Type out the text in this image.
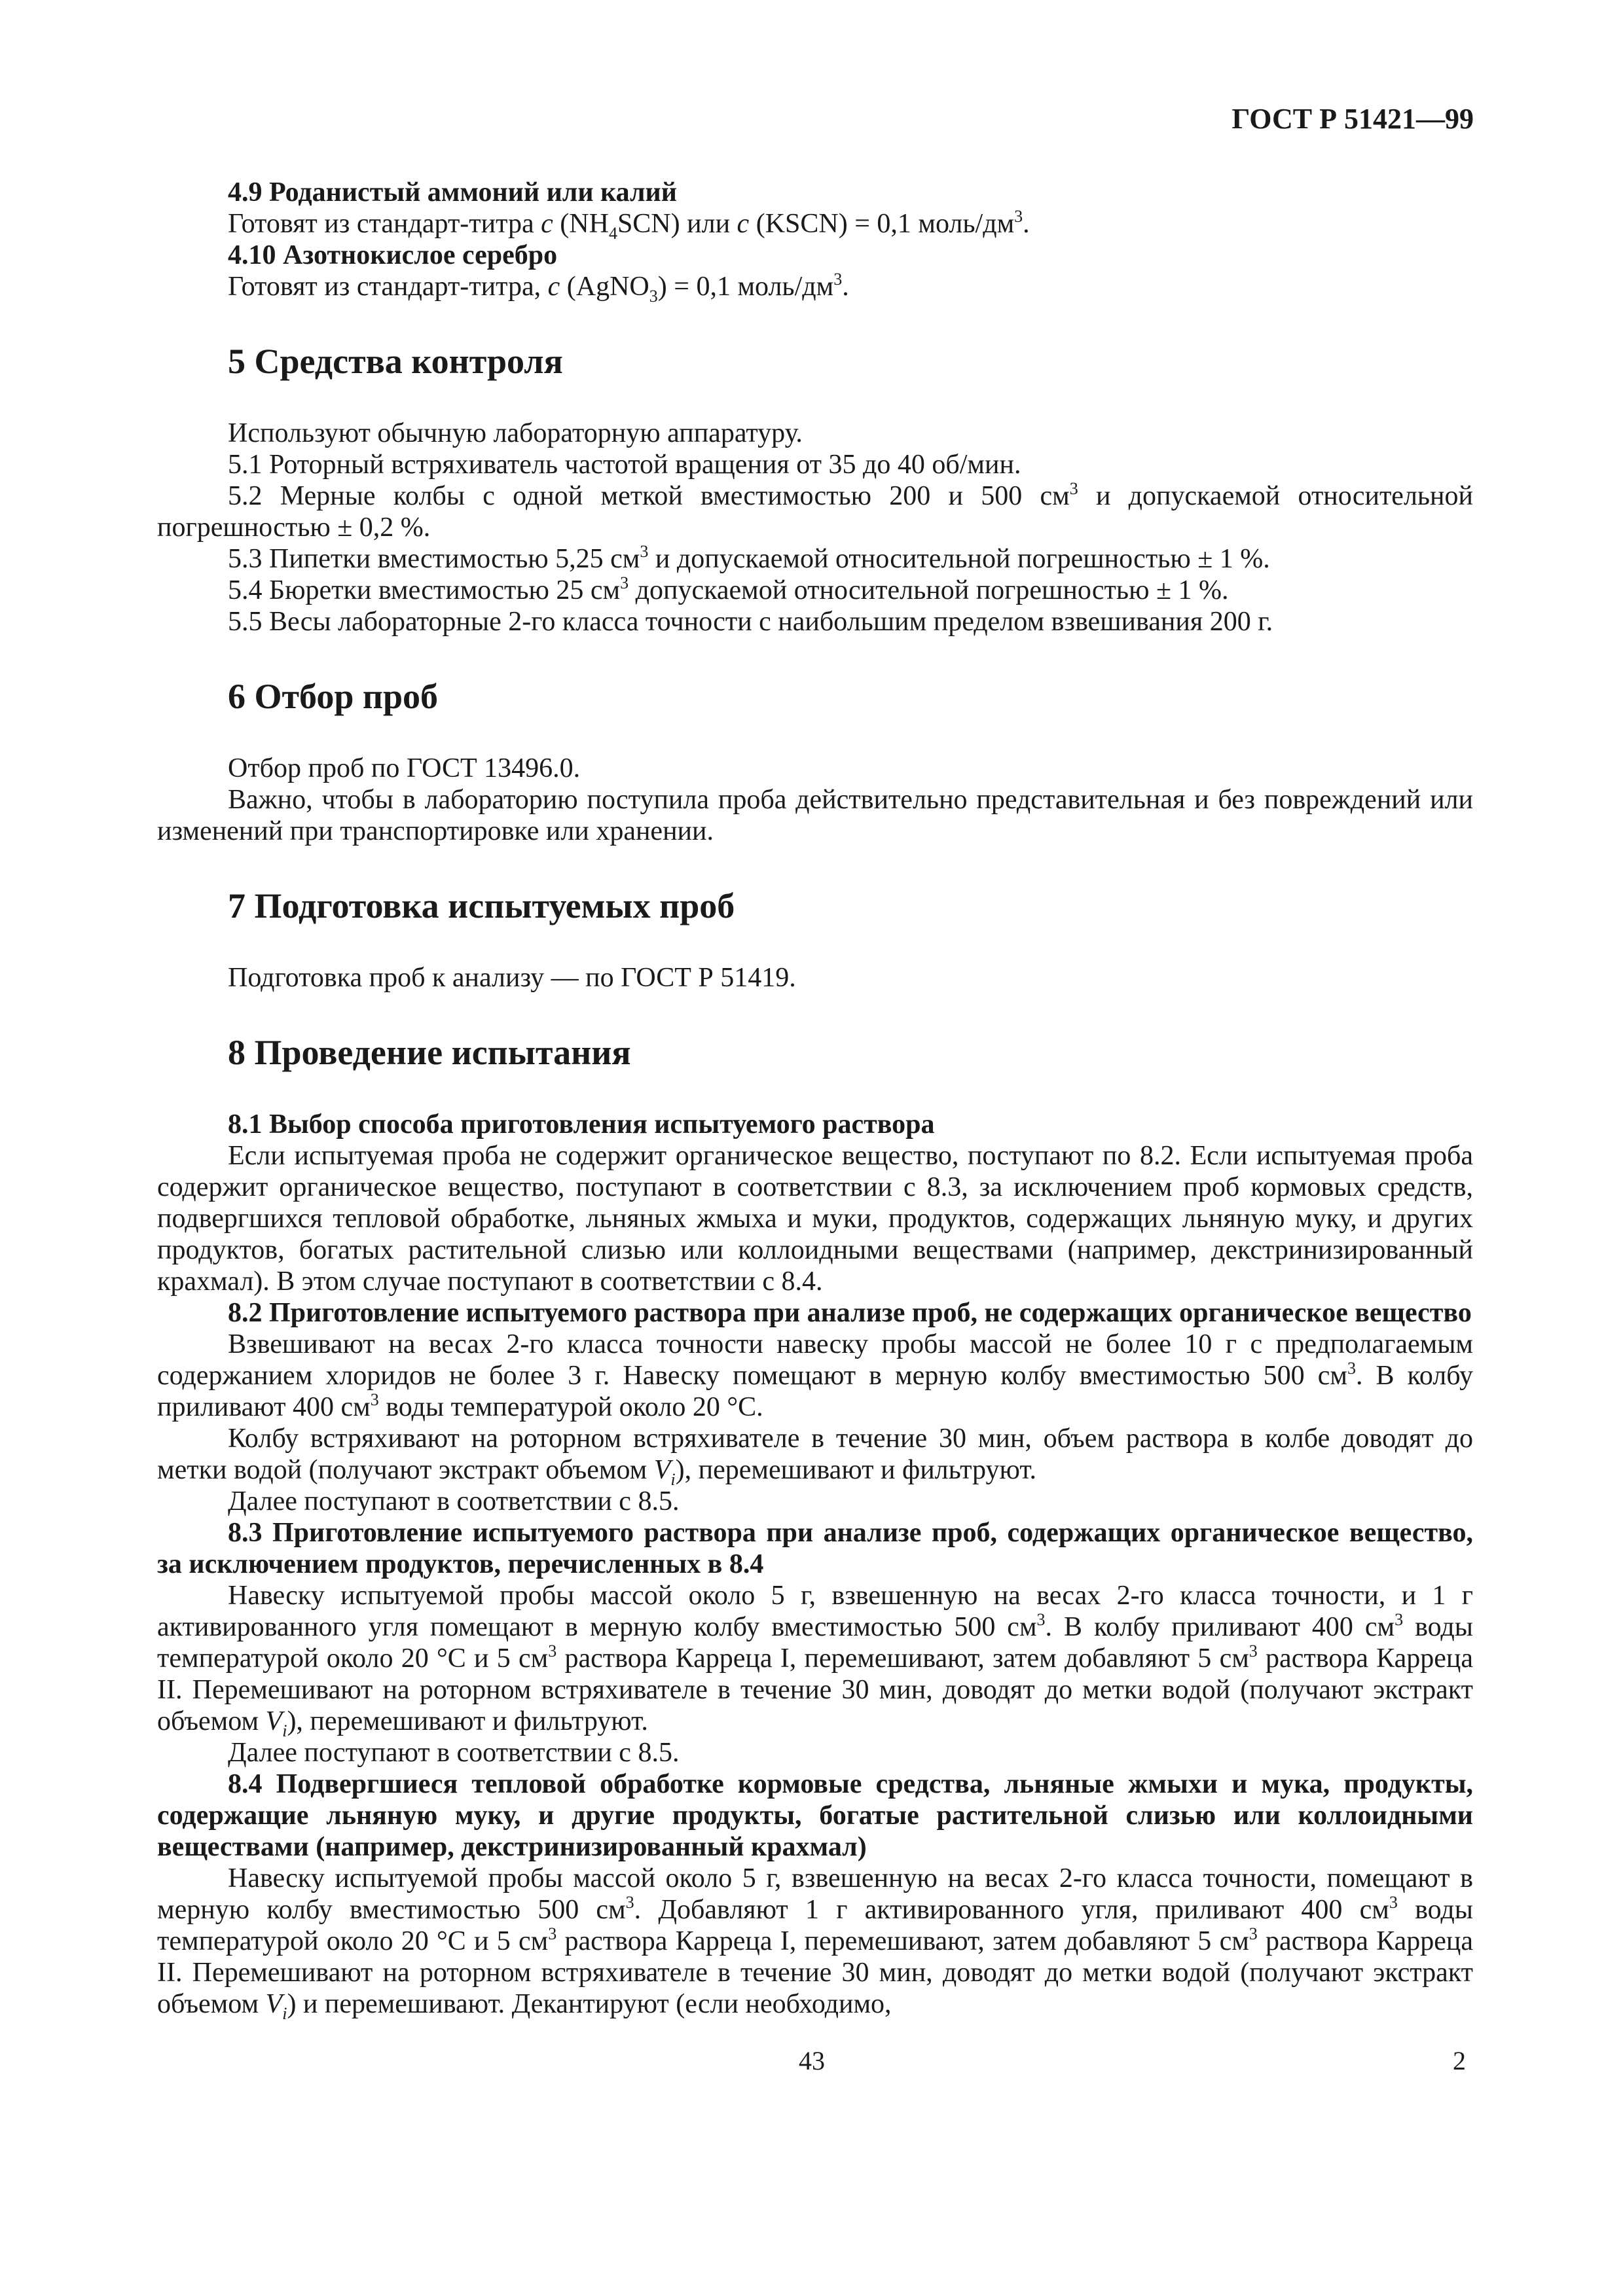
ГОСТ Р 51421—99
4.9 Роданистый аммоний или калий
Готовят из стандарт-титра c $(NH_4SCN)$ или c (KSCN) = 0,1 моль/$дм^3$.
4.10 Азотнокислое серебро
Готовят из стандарт-титра, c (AgNO$_3$) = 0,1 моль/$дм^3$.
5 Средства контроля
Используют обычную лабораторную аппаратуру.
5.1 Роторный встряхиватель частотой вращения от 35 до 40 об/мин.
5.2 Мерные колбы с одной меткой вместимостью 200 и 500 $см^3$ и допускаемой относительной погрешностью ± 0,2 %.
5.3 Пипетки вместимостью 5,25 $см^3$ и допускаемой относительной погрешностью ± 1 %.
5.4 Бюретки вместимостью 25 $см^3$ допускаемой относительной погрешностью ± 1 %.
5.5 Весы лабораторные 2-го класса точности с наибольшим пределом взвешивания 200 г.
6 Отбор проб
Отбор проб по ГОСТ 13496.0.
Важно, чтобы в лабораторию поступила проба действительно представительная и без повреждений или изменений при транспортировке или хранении.
7 Подготовка испытуемых проб
Подготовка проб к анализу — по ГОСТ Р 51419.
8 Проведение испытания
8.1 Выбор способа приготовления испытуемого раствора
Если испытуемая проба не содержит органическое вещество, поступают по 8.2. Если испытуемая проба содержит органическое вещество, поступают в соответствии с 8.3, за исключением проб кормовых средств, подвергшихся тепловой обработке, льняных жмыха и муки, продуктов, содержащих льняную муку, и других продуктов, богатых растительной слизью или коллоидными веществами (например, декстринизированный крахмал). В этом случае поступают в соответствии с 8.4.
8.2 Приготовление испытуемого раствора при анализе проб, не содержащих органическое вещество
Взвешивают на весах 2-го класса точности навеску пробы массой не более 10 г с предполагаемым содержанием хлоридов не более 3 г. Навеску помещают в мерную колбу вместимостью 500 $см^3$. В колбу приливают 400 $см^3$ воды температурой около 20 °C.
Колбу встряхивают на роторном встряхивателе в течение 30 мин, объем раствора в колбе доводят до метки водой (получают экстракт объемом $V_i$), перемешивают и фильтруют.
Далее поступают в соответствии с 8.5.
8.3 Приготовление испытуемого раствора при анализе проб, содержащих органическое вещество, за исключением продуктов, перечисленных в 8.4
Навеску испытуемой пробы массой около 5 г, взвешенную на весах 2-го класса точности, и 1 г активированного угля помещают в мерную колбу вместимостью 500 $см^3$. В колбу приливают 400 $см^3$ воды температурой около 20 °C и 5 $см^3$ раствора Карреца I, перемешивают, затем добавляют 5 $см^3$ раствора Карреца II. Перемешивают на роторном встряхивателе в течение 30 мин, доводят до метки водой (получают экстракт объемом $V_i$), перемешивают и фильтруют.
Далее поступают в соответствии с 8.5.
8.4 Подвергшиеся тепловой обработке кормовые средства, льняные жмыхи и мука, продукты, содержащие льняную муку, и другие продукты, богатые растительной слизью или коллоидными веществами (например, декстринизированный крахмал)
Навеску испытуемой пробы массой около 5 г, взвешенную на весах 2-го класса точности, помещают в мерную колбу вместимостью 500 $см^3$. Добавляют 1 г активированного угля, приливают 400 $см^3$ воды температурой около 20 °C и 5 $см^3$ раствора Карреца I, перемешивают, затем добавляют 5 $см^3$ раствора Карреца II. Перемешивают на роторном встряхивателе в течение 30 мин, доводят до метки водой (получают экстракт объемом $V_i$) и перемешивают. Декантируют (если необходимо,
43	2
